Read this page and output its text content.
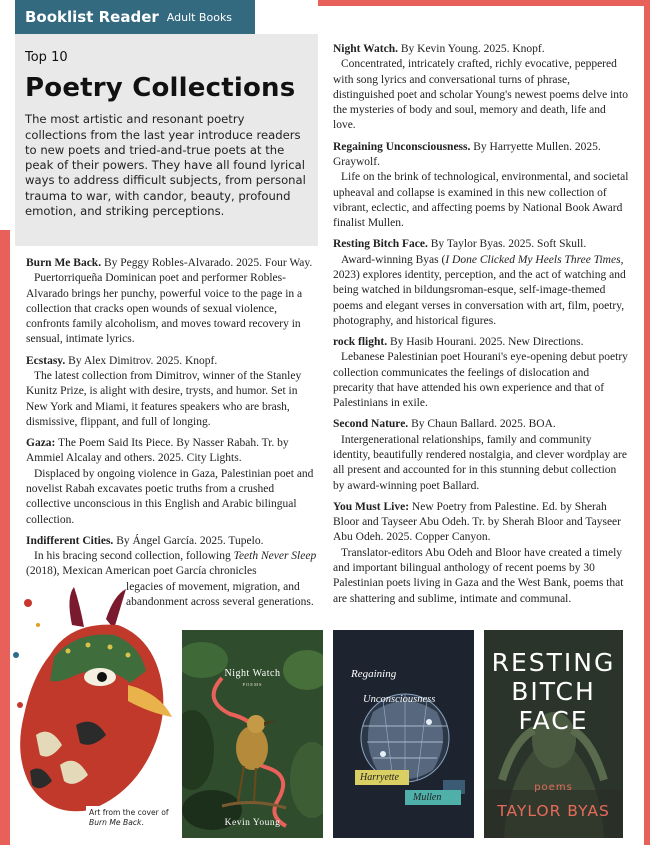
Booklist Reader Adult Books
Top 10
Poetry Collections
The most artistic and resonant poetry collections from the last year introduce readers to new poets and tried-and-true poets at the peak of their powers. They have all found lyrical ways to address difficult subjects, from personal trauma to war, with candor, beauty, profound emotion, and striking perceptions.
Burn Me Back. By Peggy Robles-Alvarado. 2025. Four Way.
Puertorriqueña Dominican poet and performer Robles-Alvarado brings her punchy, powerful voice to the page in a collection that cracks open wounds of sexual violence, confronts family alcoholism, and moves toward recovery in sensual, intimate lyrics.
Ecstasy. By Alex Dimitrov. 2025. Knopf.
The latest collection from Dimitrov, winner of the Stanley Kunitz Prize, is alight with desire, trysts, and humor. Set in New York and Miami, it features speakers who are brash, dismissive, flippant, and full of longing.
Gaza: The Poem Said Its Piece. By Nasser Rabah. Tr. by Ammiel Alcalay and others. 2025. City Lights.
Displaced by ongoing violence in Gaza, Palestinian poet and novelist Rabah excavates poetic truths from a crushed collective unconscious in this English and Arabic bilingual collection.
Indifferent Cities. By Ángel García. 2025. Tupelo.
In his bracing second collection, following Teeth Never Sleep (2018), Mexican American poet García chronicles
legacies of movement, migration, and abandonment across several generations.
Night Watch. By Kevin Young. 2025. Knopf.
Concentrated, intricately crafted, richly evocative, peppered with song lyrics and conversational turns of phrase, distinguished poet and scholar Young's newest poems delve into the mysteries of body and soul, memory and death, life and love.
Regaining Unconsciousness. By Harryette Mullen. 2025. Graywolf.
Life on the brink of technological, environmental, and societal upheaval and collapse is examined in this new collection of vibrant, eclectic, and affecting poems by National Book Award finalist Mullen.
Resting Bitch Face. By Taylor Byas. 2025. Soft Skull.
Award-winning Byas (I Done Clicked My Heels Three Times, 2023) explores identity, perception, and the act of watching and being watched in bildungsroman-esque, self-image-themed poems and elegant verses in conversation with art, film, poetry, photography, and historical figures.
rock flight. By Hasib Hourani. 2025. New Directions.
Lebanese Palestinian poet Hourani's eye-opening debut poetry collection communicates the feelings of dislocation and precarity that have attended his own experience and that of Palestinians in exile.
Second Nature. By Chaun Ballard. 2025. BOA.
Intergenerational relationships, family and community identity, beautifully rendered nostalgia, and clever wordplay are all present and accounted for in this stunning debut collection by award-winning poet Ballard.
You Must Live: New Poetry from Palestine. Ed. by Sherah Bloor and Tayseer Abu Odeh. Tr. by Sherah Bloor and Tayseer Abu Odeh. 2025. Copper Canyon.
Translator-editors Abu Odeh and Bloor have created a timely and important bilingual anthology of recent poems by 30 Palestinian poets living in Gaza and the West Bank, poems that are shattering and sublime, intimate and communal.
Art from the cover of Burn Me Back.
Night Watch
POEMS
Kevin Young
Regaining
Unconsciousness
Harryette
Mullen
RESTING
BITCH
FACE
poems
TAYLOR BYAS
